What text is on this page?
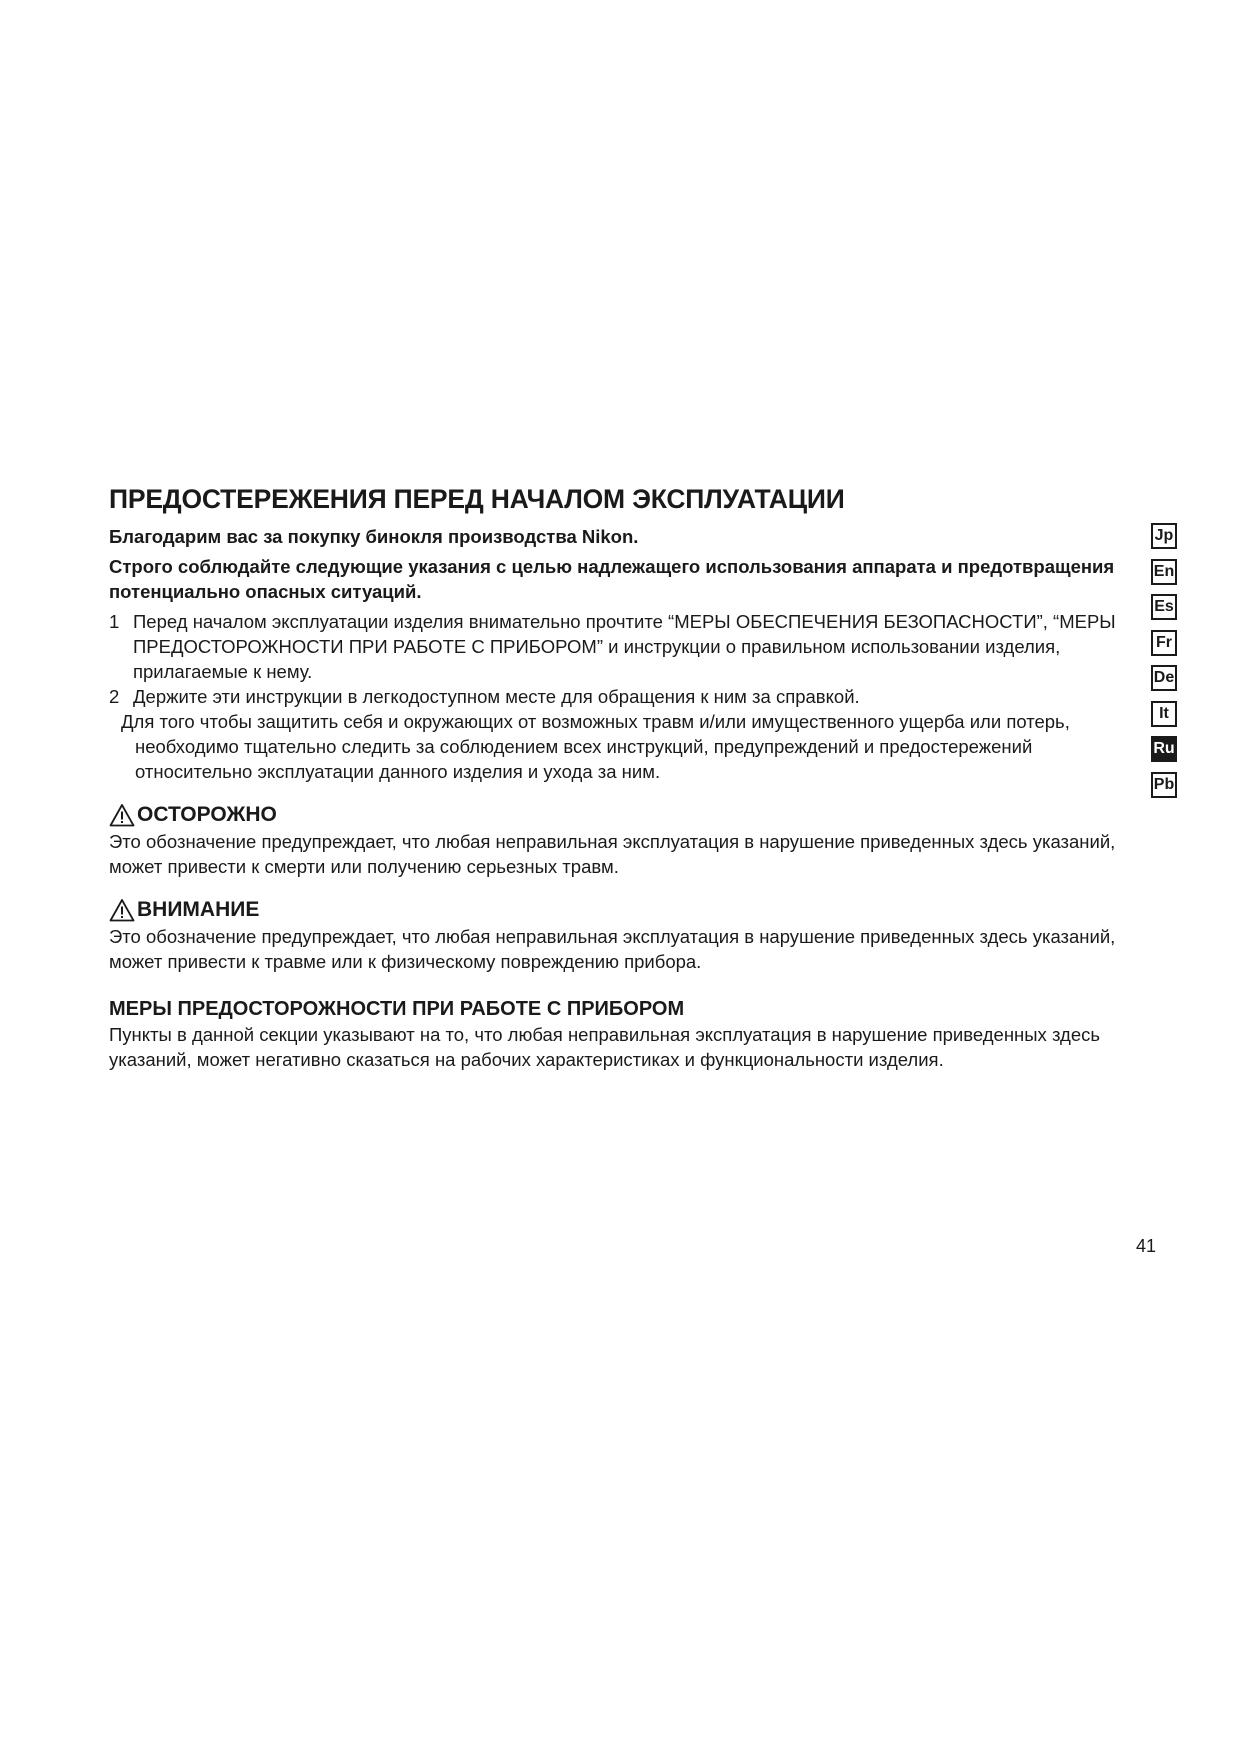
ПРЕДОСТЕРЕЖЕНИЯ ПЕРЕД НАЧАЛОМ ЭКСПЛУАТАЦИИ

Благодарим вас за покупку бинокля производства Nikon.

Строго соблюдайте следующие указания с целью надлежащего использования аппарата и предотвращения потенциально опасных ситуаций.

1 Перед началом эксплуатации изделия внимательно прочтите “МЕРЫ ОБЕСПЕЧЕНИЯ БЕЗОПАСНОСТИ”, “МЕРЫ ПРЕДОСТОРОЖНОСТИ ПРИ РАБОТЕ С ПРИБОРОМ” и инструкции о правильном использовании изделия, прилагаемые к нему.
2 Держите эти инструкции в легкодоступном месте для обращения к ним за справкой.

Для того чтобы защитить себя и окружающих от возможных травм и/или имущественного ущерба или потерь, необходимо тщательно следить за соблюдением всех инструкций, предупреждений и предостережений относительно эксплуатации данного изделия и ухода за ним.

ОСТОРОЖНО

Это обозначение предупреждает, что любая неправильная эксплуатация в нарушение приведенных здесь указаний, может привести к смерти или получению серьезных травм.

ВНИМАНИЕ

Это обозначение предупреждает, что любая неправильная эксплуатация в нарушение приведенных здесь указаний, может привести к травме или к физическому повреждению прибора.

МЕРЫ ПРЕДОСТОРОЖНОСТИ ПРИ РАБОТЕ С ПРИБОРОМ

Пункты в данной секции указывают на то, что любая неправильная эксплуатация в нарушение приведенных здесь указаний, может негативно сказаться на рабочих характеристиках и функциональности изделия.

Jp
En
Es
Fr
De
It
Ru
Pb
41
